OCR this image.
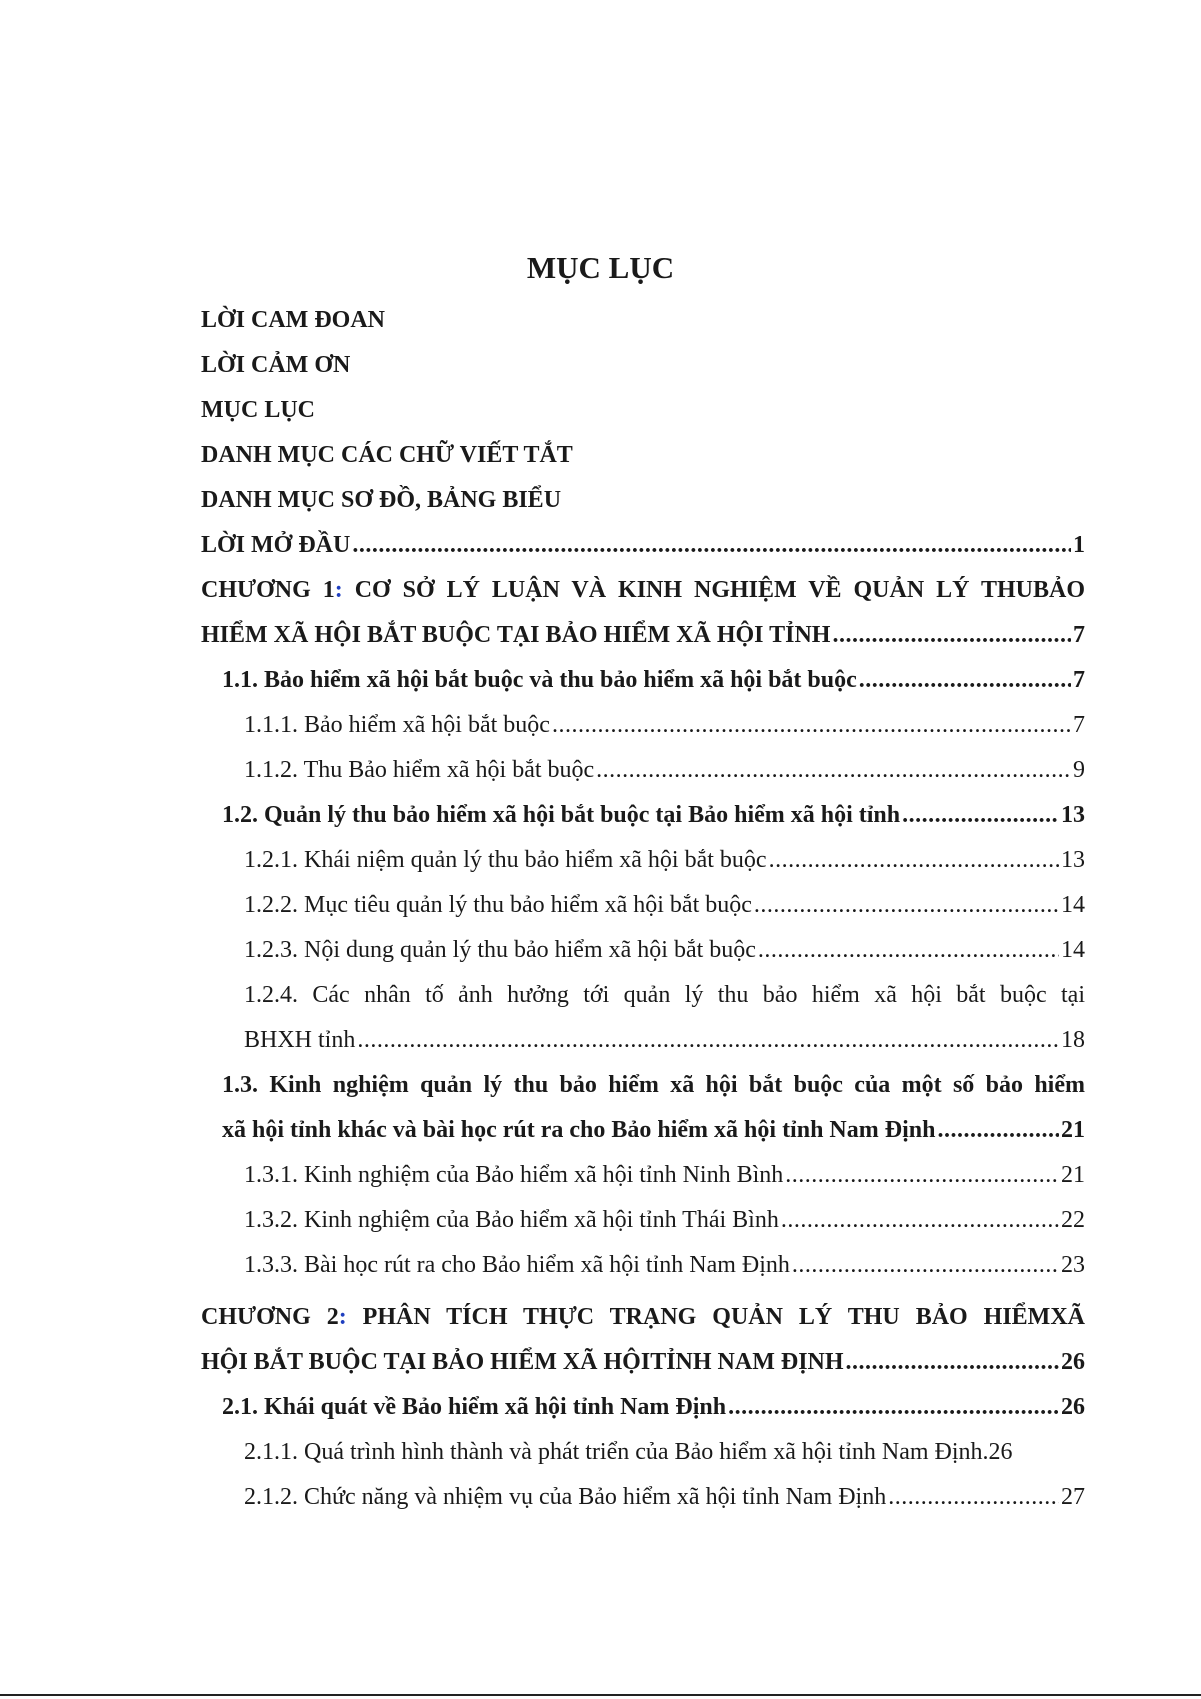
MỤC LỤC
LỜI CAM ĐOAN
LỜI CẢM ƠN
MỤC LỤC
DANH MỤC CÁC CHỮ VIẾT TẮT
DANH MỤC SƠ ĐỒ, BẢNG BIỂU
LỜI MỞ ĐẦU .....	1
CHƯƠNG 1: CƠ SỞ LÝ LUẬN VÀ KINH NGHIỆM VỀ QUẢN LÝ THUBẢO
HIỂM XÃ HỘI BẮT BUỘC TẠI BẢO HIỂM XÃ HỘI TỈNH .....	7
1.1. Bảo hiểm xã hội bắt buộc và thu bảo hiểm xã hội bắt buộc .....	7
1.1.1. Bảo hiểm xã hội bắt buộc .....	7
1.1.2. Thu Bảo hiểm xã hội bắt buộc .....	9
1.2. Quản lý thu bảo hiểm xã hội bắt buộc tại Bảo hiểm xã hội tỉnh .....	13
1.2.1. Khái niệm quản lý thu bảo hiểm xã hội bắt buộc .....	13
1.2.2. Mục tiêu quản lý thu bảo hiểm xã hội bắt buộc .....	14
1.2.3. Nội dung quản lý thu bảo hiểm xã hội bắt buộc .....	14
1.2.4. Các nhân tố ảnh hưởng tới quản lý thu bảo hiểm xã hội bắt buộc tại
BHXH tỉnh .....	18
1.3. Kinh nghiệm quản lý thu bảo hiểm xã hội bắt buộc của một số bảo hiểm
xã hội tỉnh khác và bài học rút ra cho Bảo hiểm xã hội tỉnh Nam Định .....	21
1.3.1. Kinh nghiệm của Bảo hiểm xã hội tỉnh Ninh Bình .....	21
1.3.2. Kinh nghiệm của Bảo hiểm xã hội tỉnh Thái Bình .....	22
1.3.3. Bài học rút ra cho Bảo hiểm xã hội tỉnh Nam Định .....	23
CHƯƠNG 2: PHÂN TÍCH THỰC TRẠNG QUẢN LÝ THU BẢO HIỂMXÃ
HỘI BẮT BUỘC TẠI BẢO HIỂM XÃ HỘITỈNH NAM ĐỊNH .....	26
2.1. Khái quát về Bảo hiểm xã hội tỉnh Nam Định .....	26
2.1.1. Quá trình hình thành và phát triển của Bảo hiểm xã hội tỉnh Nam Định . 26
2.1.2. Chức năng và nhiệm vụ của Bảo hiểm xã hội tỉnh Nam Định .....	27
